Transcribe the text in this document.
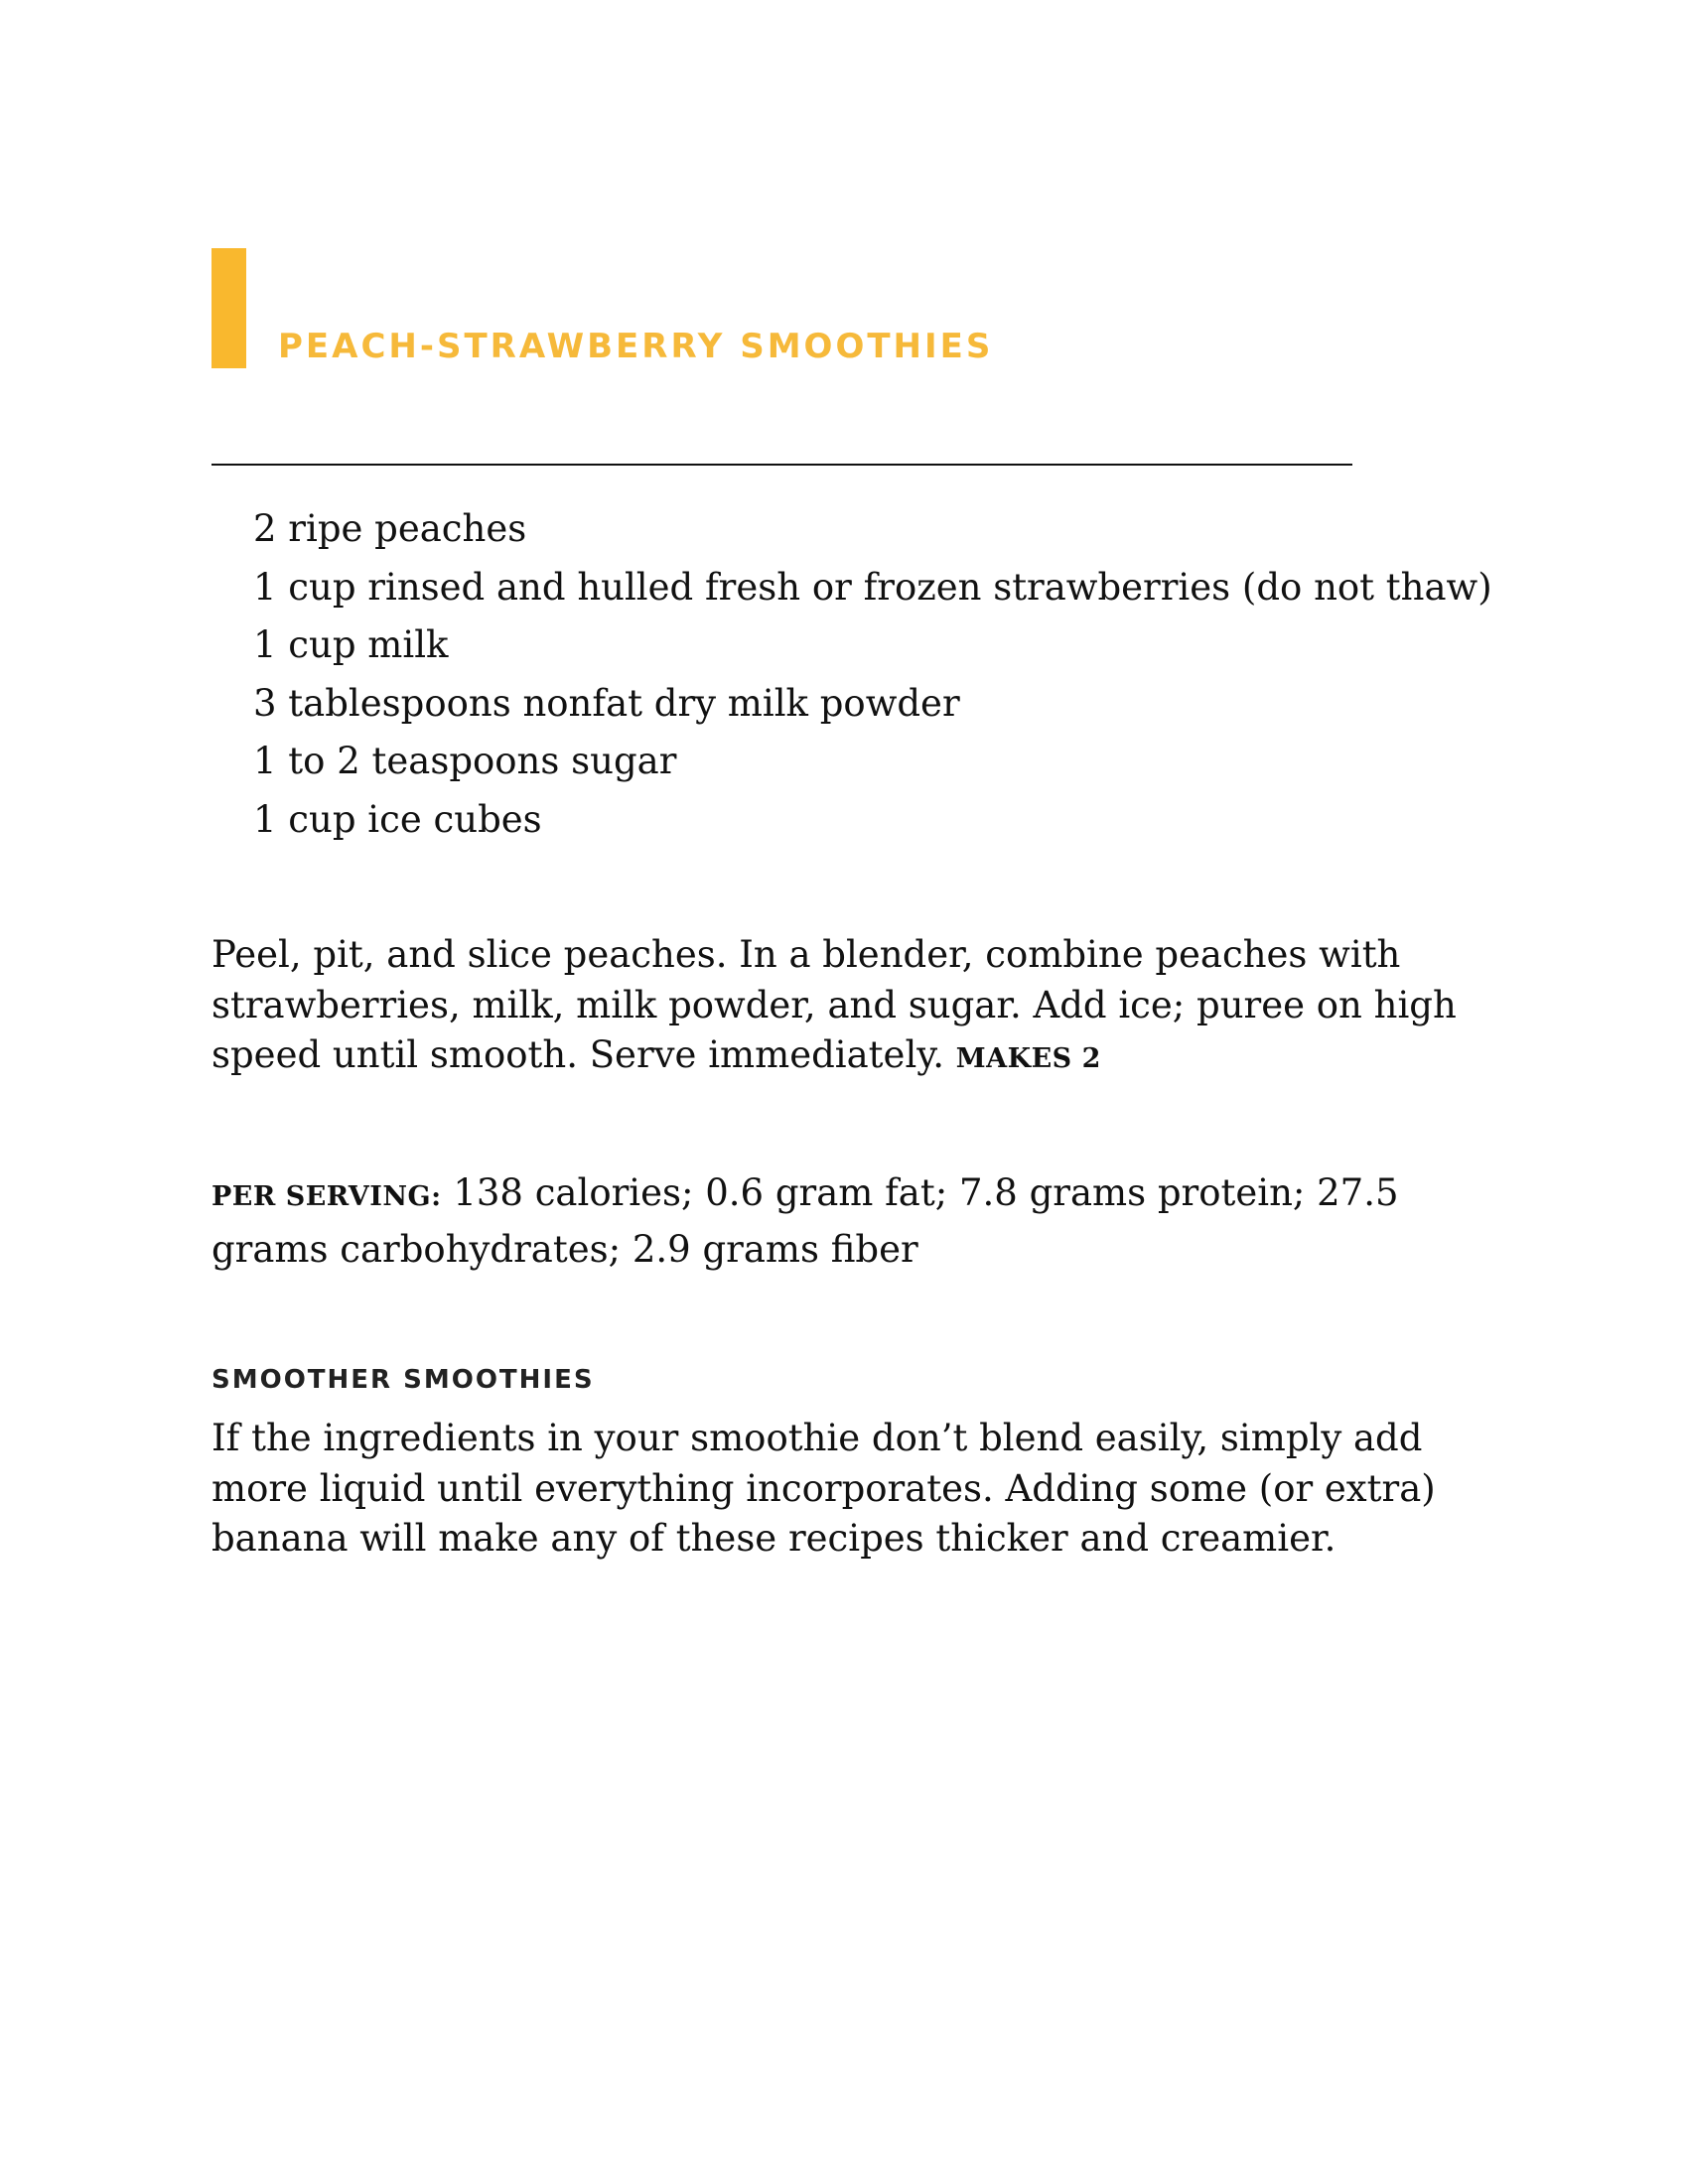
PEACH-STRAWBERRY SMOOTHIES
2 ripe peaches
1 cup rinsed and hulled fresh or frozen strawberries (do not thaw)
1 cup milk
3 tablespoons nonfat dry milk powder
1 to 2 teaspoons sugar
1 cup ice cubes

Peel, pit, and slice peaches. In a blender, combine peaches with strawberries, milk, milk powder, and sugar. Add ice; puree on high speed until smooth. Serve immediately. MAKES 2

PER SERVING: 138 calories; 0.6 gram fat; 7.8 grams protein; 27.5 grams carbohydrates; 2.9 grams fiber

SMOOTHER SMOOTHIES

If the ingredients in your smoothie don’t blend easily, simply add more liquid until everything incorporates. Adding some (or extra) banana will make any of these recipes thicker and creamier.
